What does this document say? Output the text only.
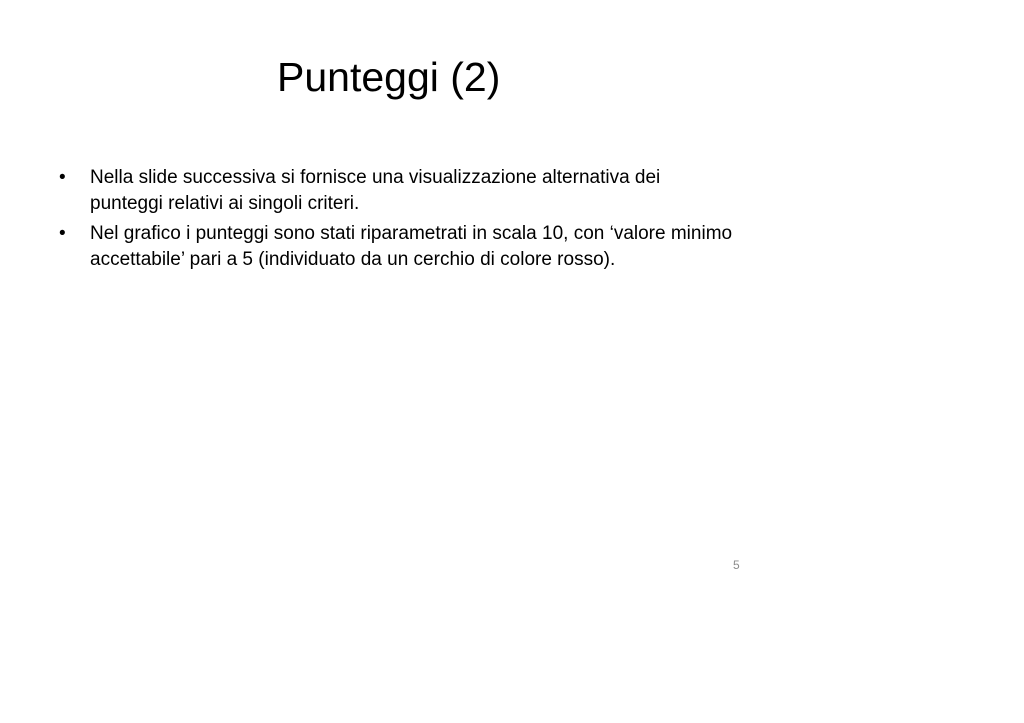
Punteggi (2)
• Nella slide successiva si fornisce una visualizzazione alternativa dei punteggi relativi ai singoli criteri.
• Nel grafico i punteggi sono stati riparametrati in scala 10, con ‘valore minimo accettabile’ pari a 5 (individuato da un cerchio di colore rosso).
5
